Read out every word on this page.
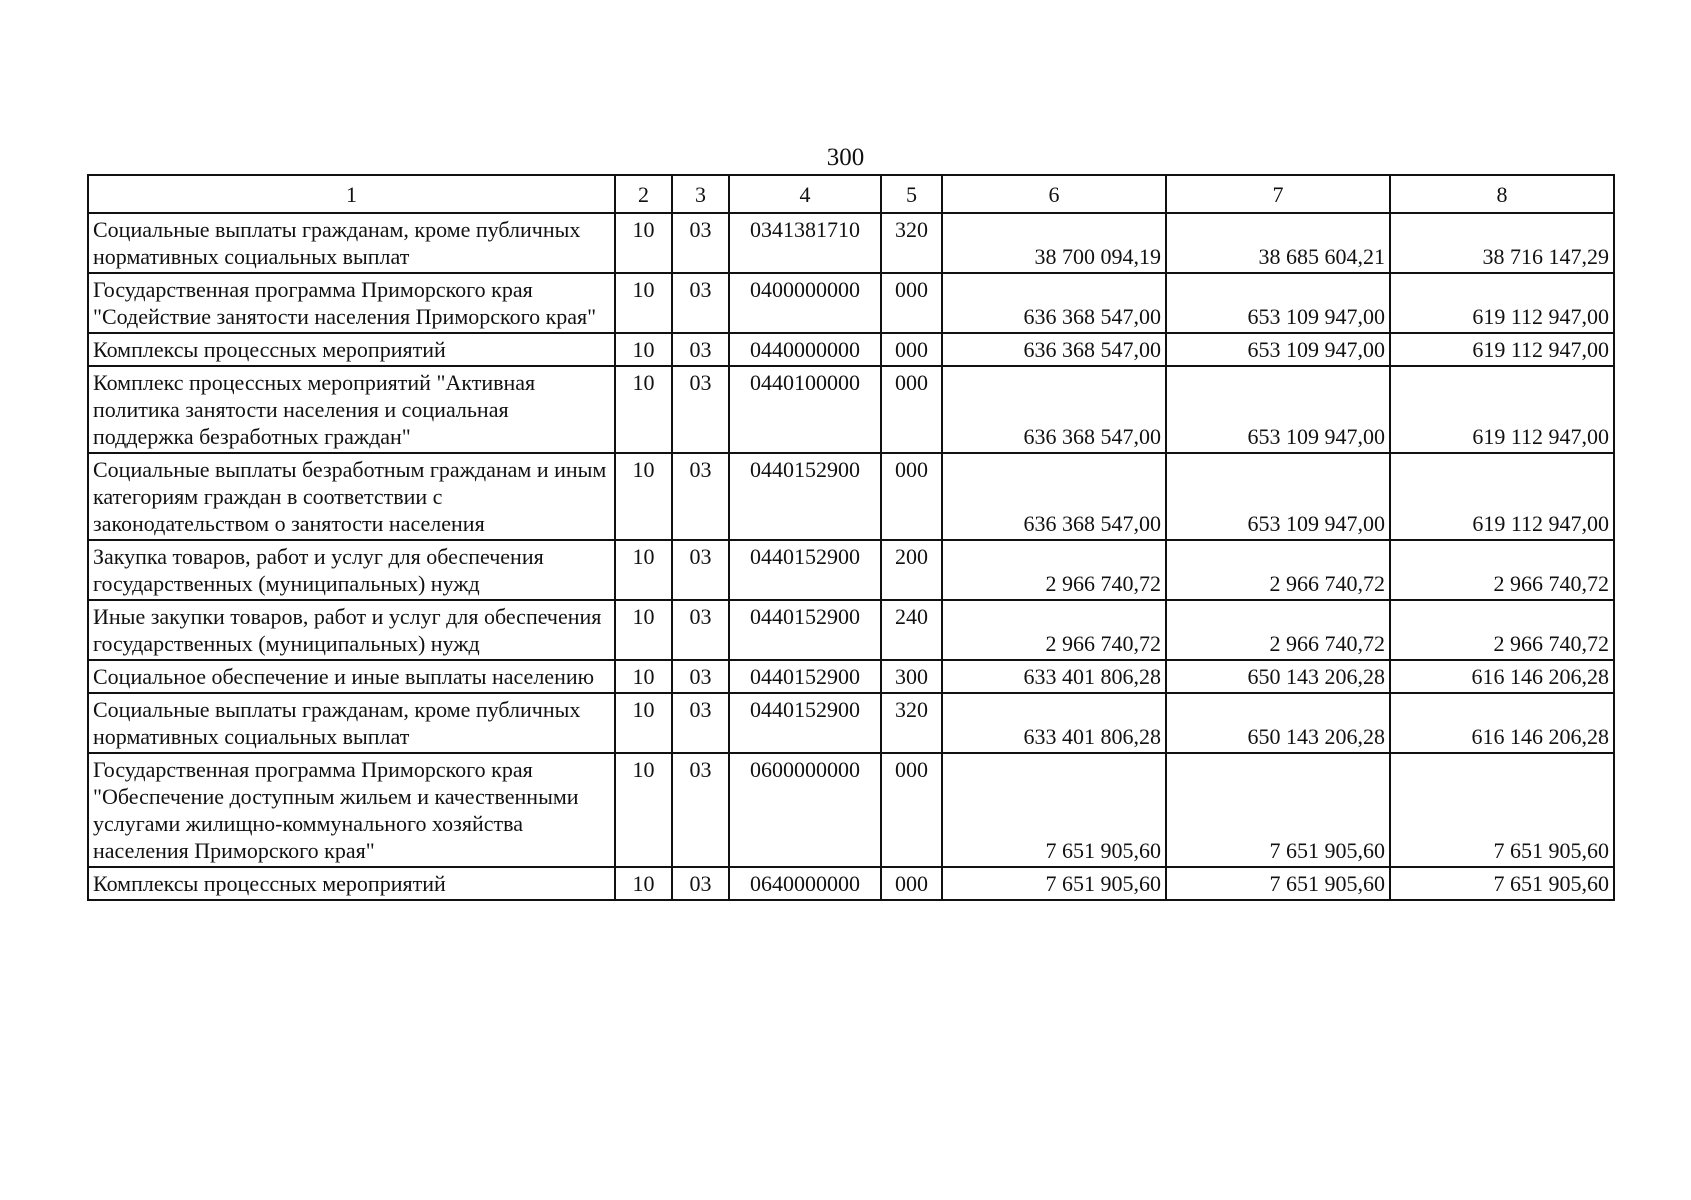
300
1	2	3	4	5	6	7	8
Социальные выплаты гражданам, кроме публичных нормативных социальных выплат	10	03	0341381710	320	38 700 094,19	38 685 604,21	38 716 147,29
Государственная программа Приморского края "Содействие занятости населения Приморского края"	10	03	0400000000	000	636 368 547,00	653 109 947,00	619 112 947,00
Комплексы процессных мероприятий	10	03	0440000000	000	636 368 547,00	653 109 947,00	619 112 947,00
Комплекс процессных мероприятий "Активная политика занятости населения и социальная поддержка безработных граждан"	10	03	0440100000	000	636 368 547,00	653 109 947,00	619 112 947,00
Социальные выплаты безработным гражданам и иным категориям граждан в соответствии с законодательством о занятости населения	10	03	0440152900	000	636 368 547,00	653 109 947,00	619 112 947,00
Закупка товаров, работ и услуг для обеспечения государственных (муниципальных) нужд	10	03	0440152900	200	2 966 740,72	2 966 740,72	2 966 740,72
Иные закупки товаров, работ и услуг для обеспечения государственных (муниципальных) нужд	10	03	0440152900	240	2 966 740,72	2 966 740,72	2 966 740,72
Социальное обеспечение и иные выплаты населению	10	03	0440152900	300	633 401 806,28	650 143 206,28	616 146 206,28
Социальные выплаты гражданам, кроме публичных нормативных социальных выплат	10	03	0440152900	320	633 401 806,28	650 143 206,28	616 146 206,28
Государственная программа Приморского края "Обеспечение доступным жильем и качественными услугами жилищно-коммунального хозяйства населения Приморского края"	10	03	0600000000	000	7 651 905,60	7 651 905,60	7 651 905,60
Комплексы процессных мероприятий	10	03	0640000000	000	7 651 905,60	7 651 905,60	7 651 905,60
